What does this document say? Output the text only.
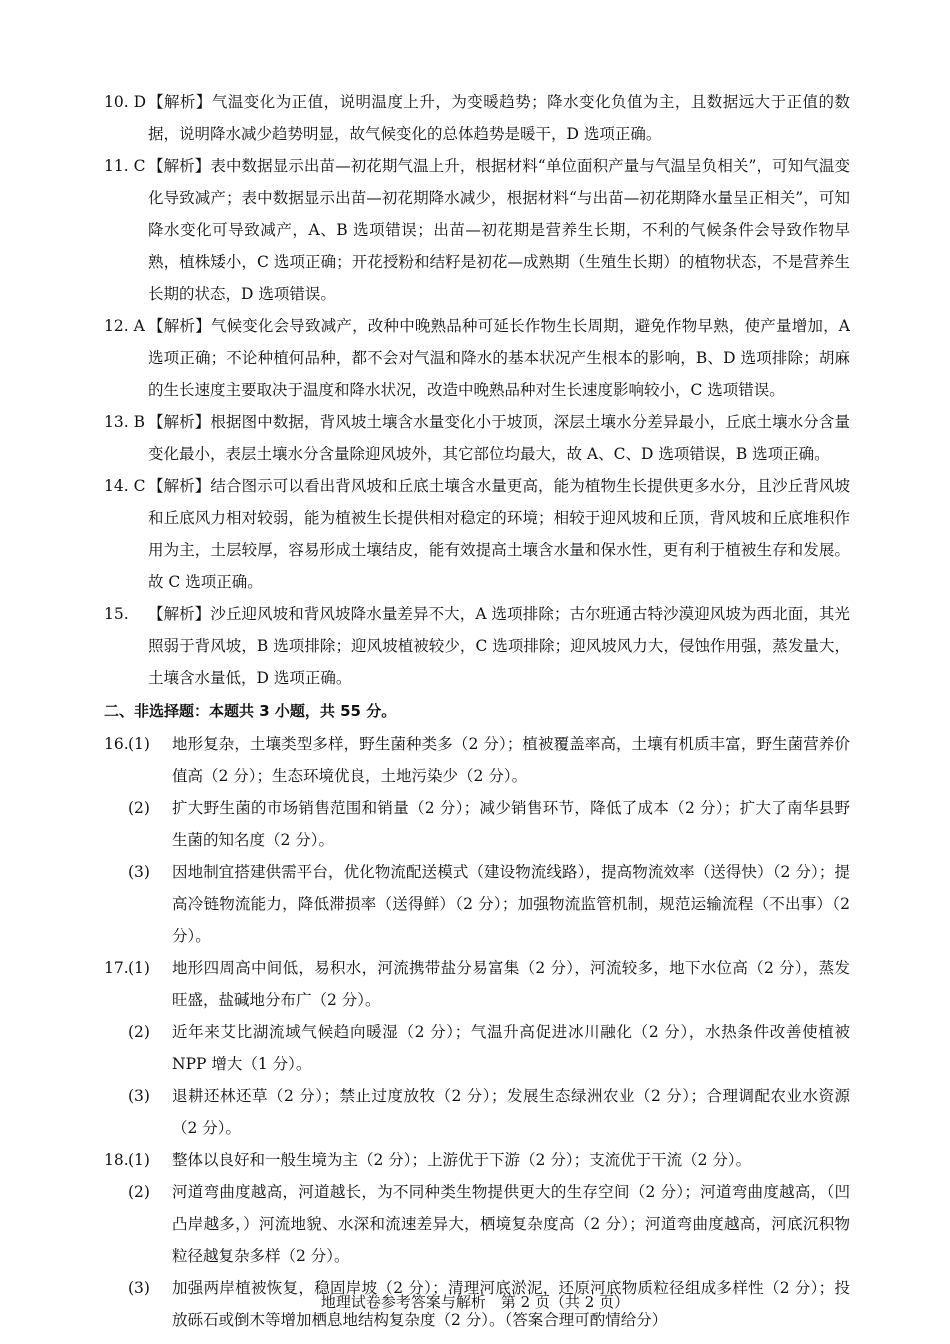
10. D 【解析】气温变化为正值，说明温度上升，为变暖趋势；降水变化负值为主，且数据远大于正值的数据，说明降水减少趋势明显，故气候变化的总体趋势是暖干，D 选项正确。
11. C 【解析】表中数据显示出苗—初花期气温上升，根据材料“单位面积产量与气温呈负相关”，可知气温变化导致减产；表中数据显示出苗—初花期降水减少，根据材料“与出苗—初花期降水量呈正相关”，可知降水变化可导致减产，A、B 选项错误；出苗—初花期是营养生长期，不利的气候条件会导致作物早熟，植株矮小，C 选项正确；开花授粉和结籽是初花—成熟期（生殖生长期）的植物状态，不是营养生长期的状态，D 选项错误。
12. A 【解析】气候变化会导致减产，改种中晚熟品种可延长作物生长周期，避免作物早熟，使产量增加，A 选项正确；不论种植何品种，都不会对气温和降水的基本状况产生根本的影响，B、D 选项排除；胡麻的生长速度主要取决于温度和降水状况，改造中晚熟品种对生长速度影响较小，C 选项错误。
13. B 【解析】根据图中数据，背风坡土壤含水量变化小于坡顶，深层土壤水分差异最小，丘底土壤水分含量变化最小，表层土壤水分含量除迎风坡外，其它部位均最大，故 A、C、D 选项错误，B 选项正确。
14. C 【解析】结合图示可以看出背风坡和丘底土壤含水量更高，能为植物生长提供更多水分，且沙丘背风坡和丘底风力相对较弱，能为植被生长提供相对稳定的环境；相较于迎风坡和丘顶，背风坡和丘底堆积作用为主，土层较厚，容易形成土壤结皮，能有效提高土壤含水量和保水性，更有利于植被生存和发展。故 C 选项正确。
15.	【解析】沙丘迎风坡和背风坡降水量差异不大，A 选项排除；古尔班通古特沙漠迎风坡为西北面，其光照弱于背风坡，B 选项排除；迎风坡植被较少，C 选项排除；迎风坡风力大，侵蚀作用强，蒸发量大，土壤含水量低，D 选项正确。
二、非选择题：本题共 3 小题，共 55 分。
16. (1) 地形复杂，土壤类型多样，野生菌种类多（2 分）；植被覆盖率高，土壤有机质丰富，野生菌营养价值高（2 分）；生态环境优良，土地污染少（2 分）。
(2) 扩大野生菌的市场销售范围和销量（2 分）；减少销售环节，降低了成本（2 分）；扩大了南华县野生菌的知名度（2 分）。
(3) 因地制宜搭建供需平台，优化物流配送模式（建设物流线路），提高物流效率（送得快）（2 分）；提高冷链物流能力，降低滞损率（送得鲜）（2 分）；加强物流监管机制，规范运输流程（不出事）（2 分）。
17. (1) 地形四周高中间低，易积水，河流携带盐分易富集（2 分），河流较多，地下水位高（2 分），蒸发旺盛，盐碱地分布广（2 分）。
(2) 近年来艾比湖流域气候趋向暖湿（2 分）；气温升高促进冰川融化（2 分），水热条件改善使植被 NPP 增大（1 分）。
(3) 退耕还林还草（2 分）；禁止过度放牧（2 分）；发展生态绿洲农业（2 分）；合理调配农业水资源（2 分）。
18. (1) 整体以良好和一般生境为主（2 分）；上游优于下游（2 分）；支流优于干流（2 分）。
(2) 河道弯曲度越高，河道越长，为不同种类生物提供更大的生存空间（2 分）；河道弯曲度越高，（凹凸岸越多，）河流地貌、水深和流速差异大，栖境复杂度高（2 分）；河道弯曲度越高，河底沉积物粒径越复杂多样（2 分）。
(3) 加强两岸植被恢复，稳固岸坡（2 分）；清理河底淤泥，还原河底物质粒径组成多样性（2 分）；投放砾石或倒木等增加栖息地结构复杂度（2 分）。（答案合理可酌情给分）
地理试卷参考答案与解析　第 2 页（共 2 页）
